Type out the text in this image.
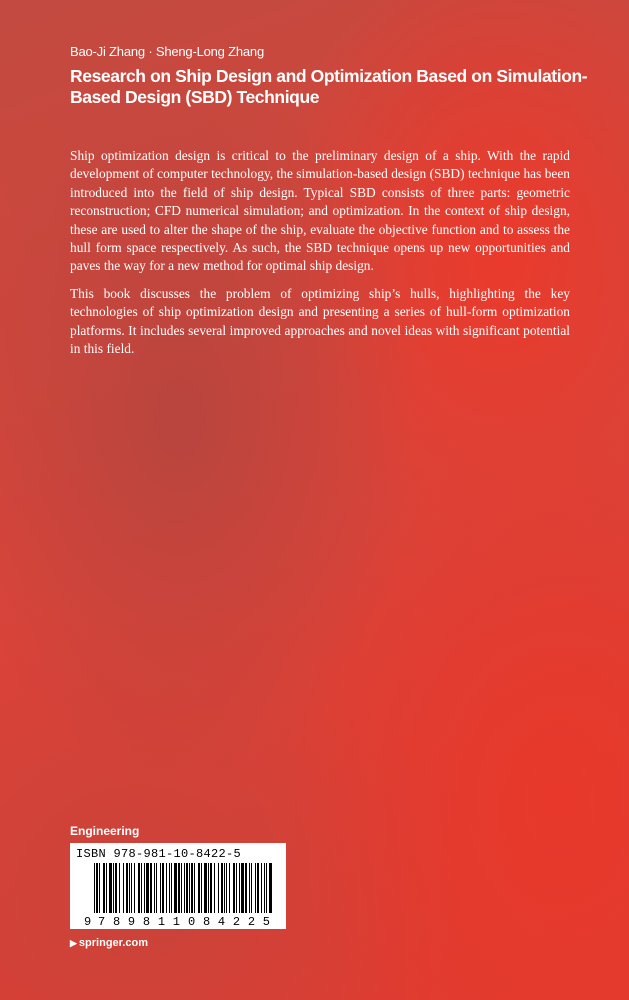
Bao-Ji Zhang · Sheng-Long Zhang
Research on Ship Design and Optimization Based on Simulation-Based Design (SBD) Technique

Ship optimization design is critical to the preliminary design of a ship. With the rapid development of computer technology, the simulation-based design (SBD) technique has been introduced into the field of ship design. Typical SBD consists of three parts: geometric reconstruction; CFD numerical simulation; and optimization. In the context of ship design, these are used to alter the shape of the ship, evaluate the objective function and to assess the hull form space respectively. As such, the SBD technique opens up new opportunities and paves the way for a new method for optimal ship design.

This book discusses the problem of optimizing ship’s hulls, highlighting the key technologies of ship optimization design and presenting a series of hull-form optimization platforms. It includes several improved approaches and novel ideas with significant potential in this field.

Engineering
ISBN 978-981-10-8422-5
9 789811 084225
▶ springer.com
